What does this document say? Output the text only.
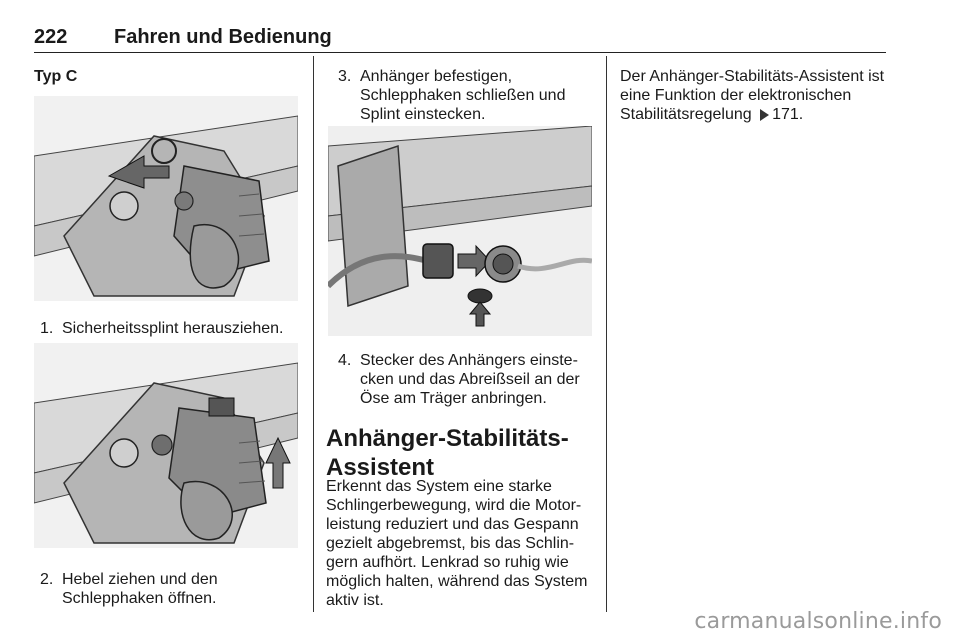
222 Fahren und Bedienung
Typ C
1. Sicherheitssplint herausziehen.
2. Hebel ziehen und den Schlepphaken öffnen.
3. Anhänger befestigen, Schlepphaken schließen und Splint einstecken.
4. Stecker des Anhängers einstecken und das Abreißseil an der Öse am Träger anbringen.
Anhänger-Stabilitäts-Assistent
Erkennt das System eine starke Schlingerbewegung, wird die Motorleistung reduziert und das Gespann gezielt abgebremst, bis das Schlingern aufhört. Lenkrad so ruhig wie möglich halten, während das System aktiv ist.
Der Anhänger-Stabilitäts-Assistent ist eine Funktion der elektronischen Stabilitätsregelung 171.
carmanualsonline.info
